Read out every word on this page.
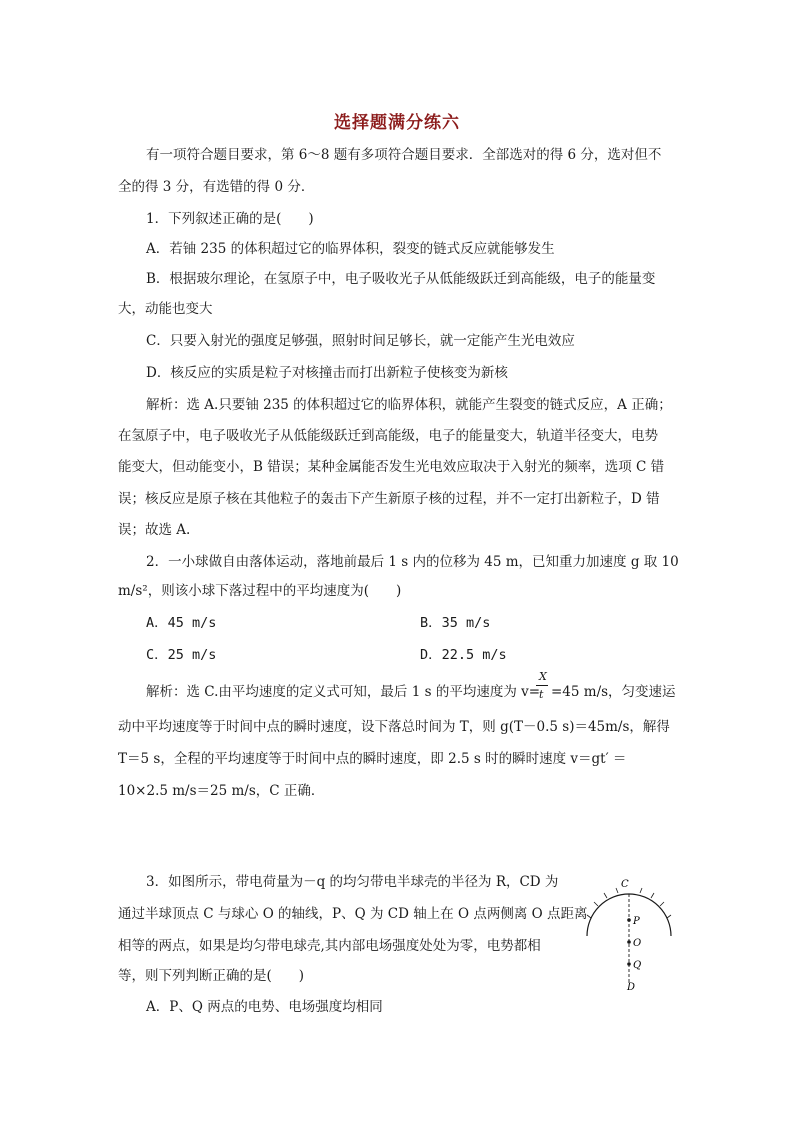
选择题满分练六
有一项符合题目要求，第 6～8 题有多项符合题目要求．全部选对的得 6 分，选对但不
全的得 3 分，有选错的得 0 分．
1．下列叙述正确的是(　　)
A．若铀 235 的体积超过它的临界体积，裂变的链式反应就能够发生
B．根据玻尔理论，在氢原子中，电子吸收光子从低能级跃迁到高能级，电子的能量变
大，动能也变大
C．只要入射光的强度足够强，照射时间足够长，就一定能产生光电效应
D．核反应的实质是粒子对核撞击而打出新粒子使核变为新核
解析：选 A.只要铀 235 的体积超过它的临界体积，就能产生裂变的链式反应，A 正确；
在氢原子中，电子吸收光子从低能级跃迁到高能级，电子的能量变大，轨道半径变大，电势
能变大，但动能变小，B 错误；某种金属能否发生光电效应取决于入射光的频率，选项 C 错
误；核反应是原子核在其他粒子的轰击下产生新原子核的过程，并不一定打出新粒子，D 错
误；故选 A.
2．一小球做自由落体运动，落地前最后 1 s 内的位移为 45 m，已知重力加速度 g 取 10
m/s²，则该小球下落过程中的平均速度为(　　)
A．45 m/s	B．35 m/s
C．25 m/s	D．22.5 m/s
解析：选 C.由平均速度的定义式可知，最后 1 s 的平均速度为 v=
X
t =45 m/s，匀变速运
动中平均速度等于时间中点的瞬时速度，设下落总时间为 T，则 g(T－0.5 s)＝45m/s，解得
T＝5 s，全程的平均速度等于时间中点的瞬时速度，即 2.5 s 时的瞬时速度 v＝gt′ ＝
10×2.5 m/s＝25 m/s，C 正确．
3．如图所示，带电荷量为－q 的均匀带电半球壳的半径为 R，CD 为
通过半球顶点 C 与球心 O 的轴线，P、Q 为 CD 轴上在 O 点两侧离 O 点距离
相等的两点，如果是均匀带电球壳,其内部电场强度处处为零，电势都相
等，则下列判断正确的是(　　)
A．P、Q 两点的电势、电场强度均相同
C
P
O
Q
D
